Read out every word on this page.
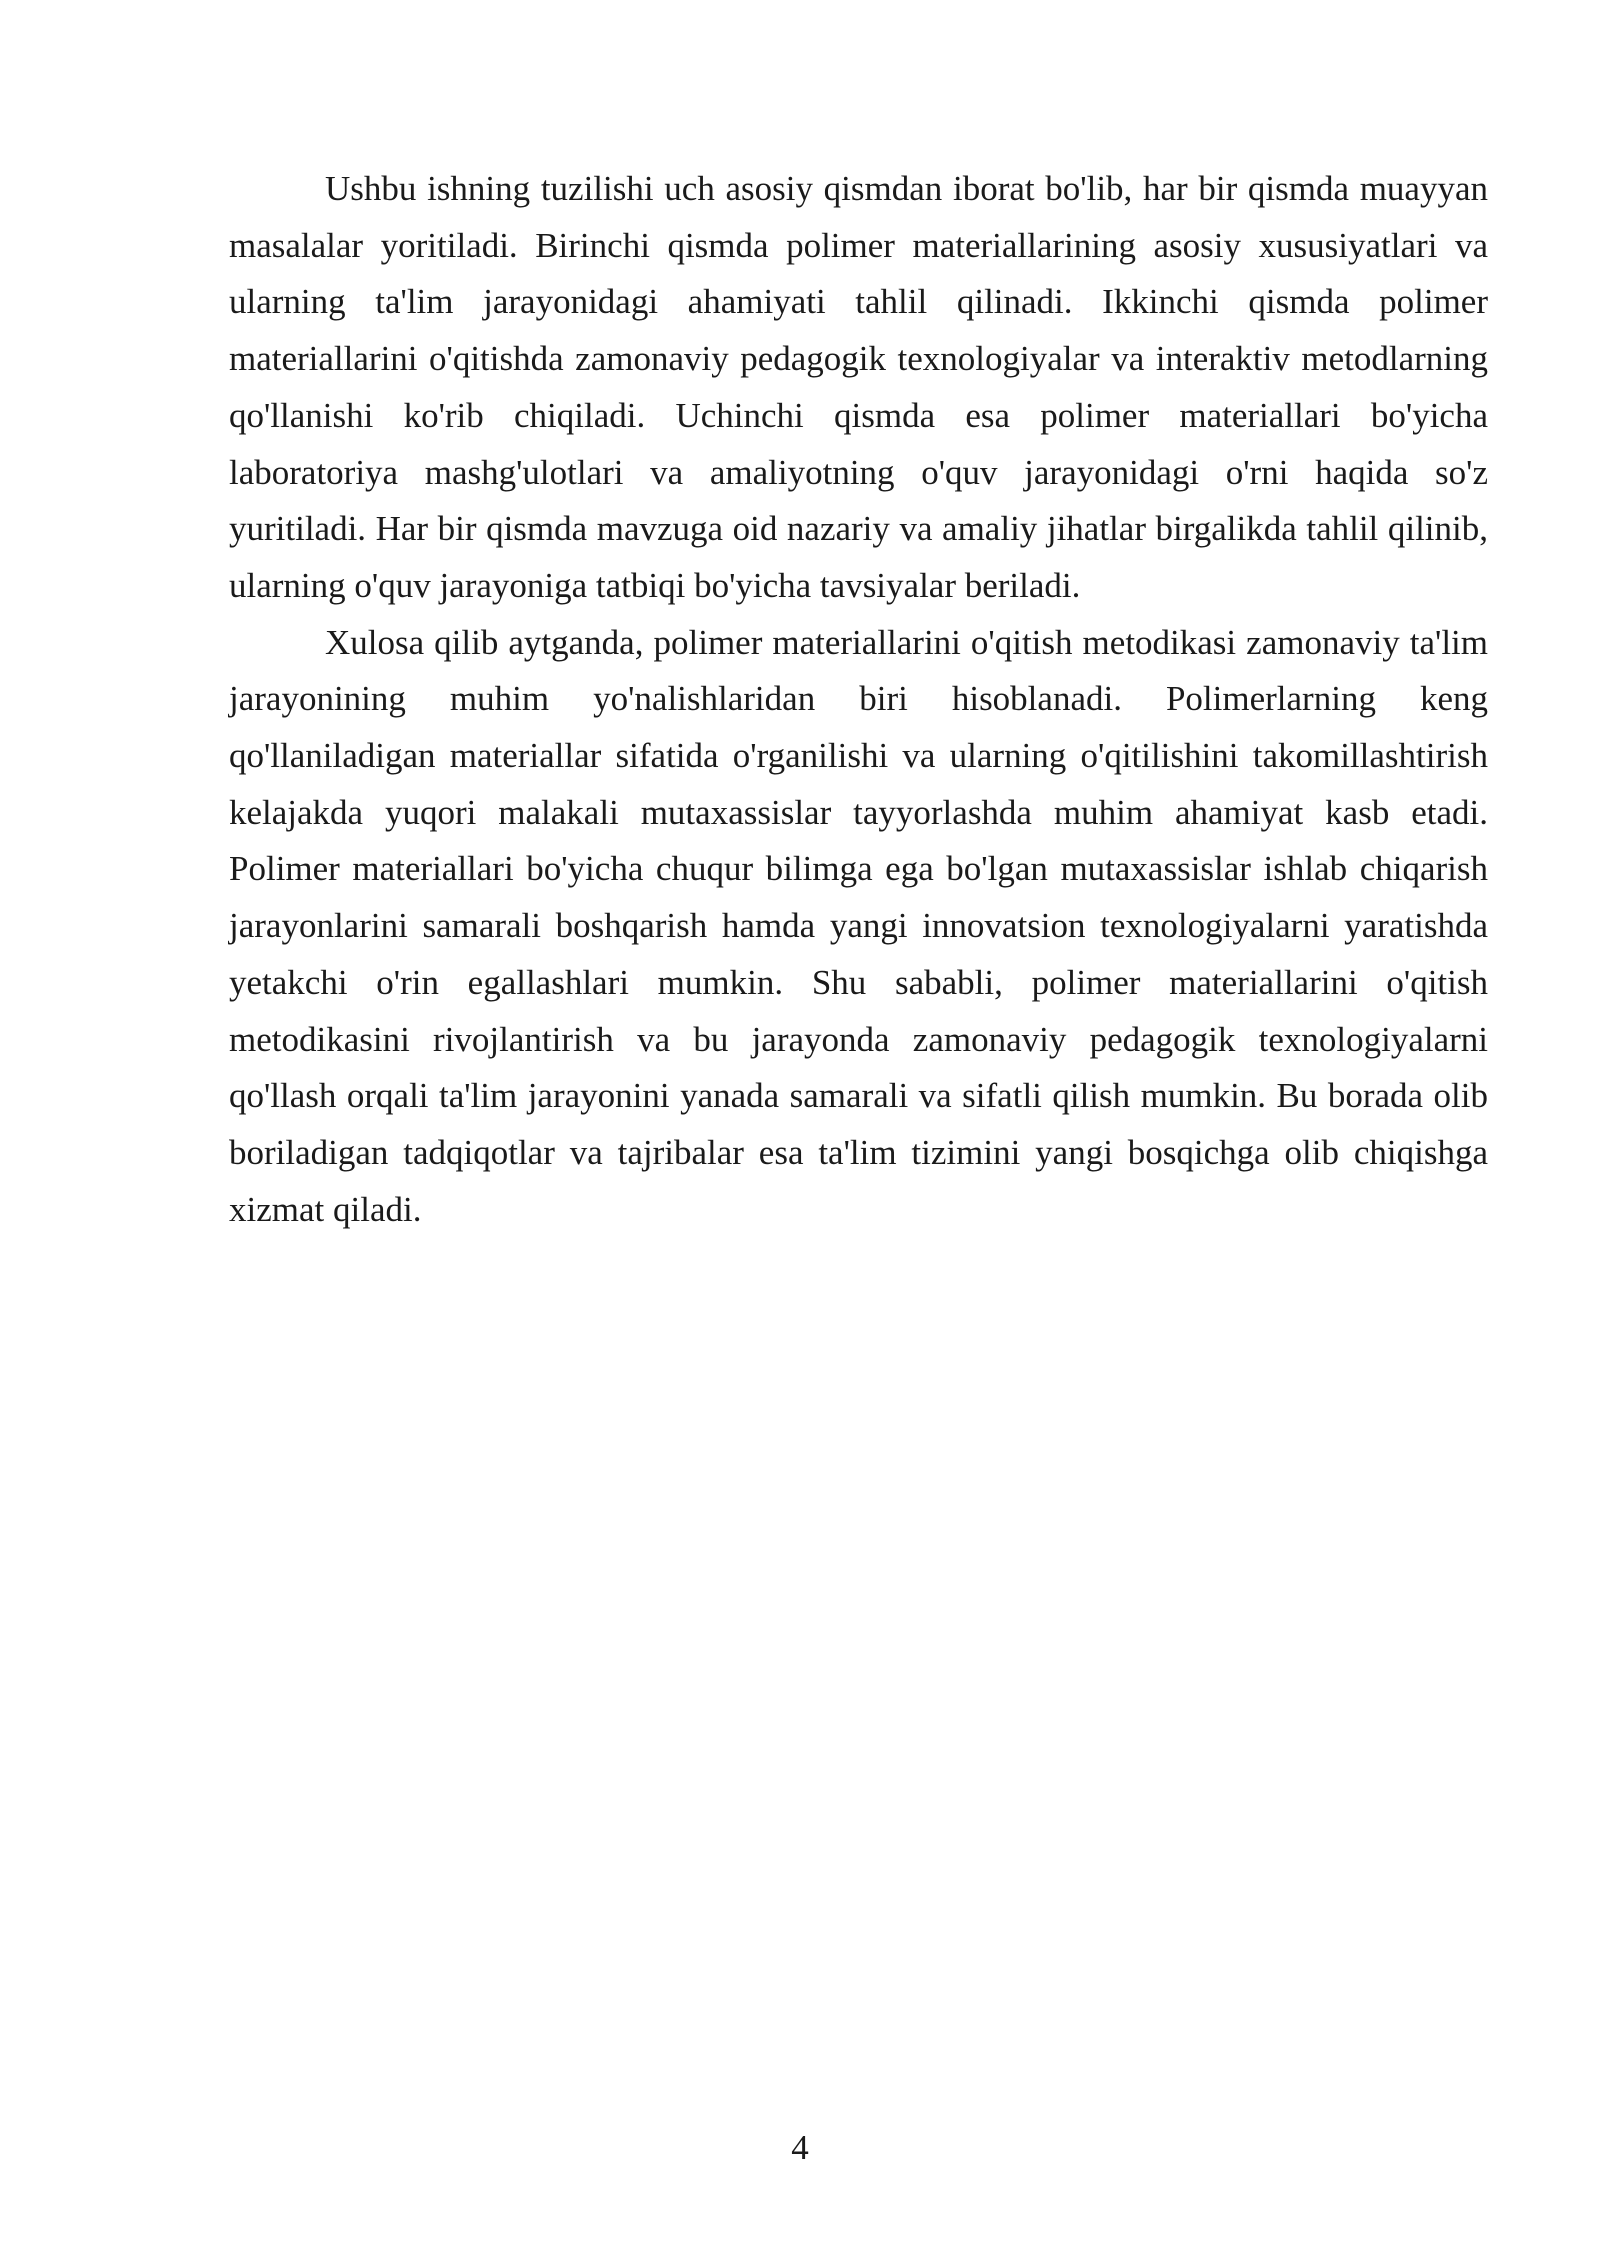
Ushbu ishning tuzilishi uch asosiy qismdan iborat bo'lib, har bir qismda muayyan masalalar yoritiladi. Birinchi qismda polimer materiallarining asosiy xususiyatlari va ularning ta'lim jarayonidagi ahamiyati tahlil qilinadi. Ikkinchi qismda polimer materiallarini o'qitishda zamonaviy pedagogik texnologiyalar va interaktiv metodlarning qo'llanishi ko'rib chiqiladi. Uchinchi qismda esa polimer materiallari bo'yicha laboratoriya mashg'ulotlari va amaliyotning o'quv jarayonidagi o'rni haqida so'z yuritiladi. Har bir qismda mavzuga oid nazariy va amaliy jihatlar birgalikda tahlil qilinib, ularning o'quv jarayoniga tatbiqi bo'yicha tavsiyalar beriladi.

Xulosa qilib aytganda, polimer materiallarini o'qitish metodikasi zamonaviy ta'lim jarayonining muhim yo'nalishlaridan biri hisoblanadi. Polimerlarning keng qo'llaniladigan materiallar sifatida o'rganilishi va ularning o'qitilishini takomillashtirish kelajakda yuqori malakali mutaxassislar tayyorlashda muhim ahamiyat kasb etadi. Polimer materiallari bo'yicha chuqur bilimga ega bo'lgan mutaxassislar ishlab chiqarish jarayonlarini samarali boshqarish hamda yangi innovatsion texnologiyalarni yaratishda yetakchi o'rin egallashlari mumkin. Shu sababli, polimer materiallarini o'qitish metodikasini rivojlantirish va bu jarayonda zamonaviy pedagogik texnologiyalarni qo'llash orqali ta'lim jarayonini yanada samarali va sifatli qilish mumkin. Bu borada olib boriladigan tadqiqotlar va tajribalar esa ta'lim tizimini yangi bosqichga olib chiqishga xizmat qiladi.

4
